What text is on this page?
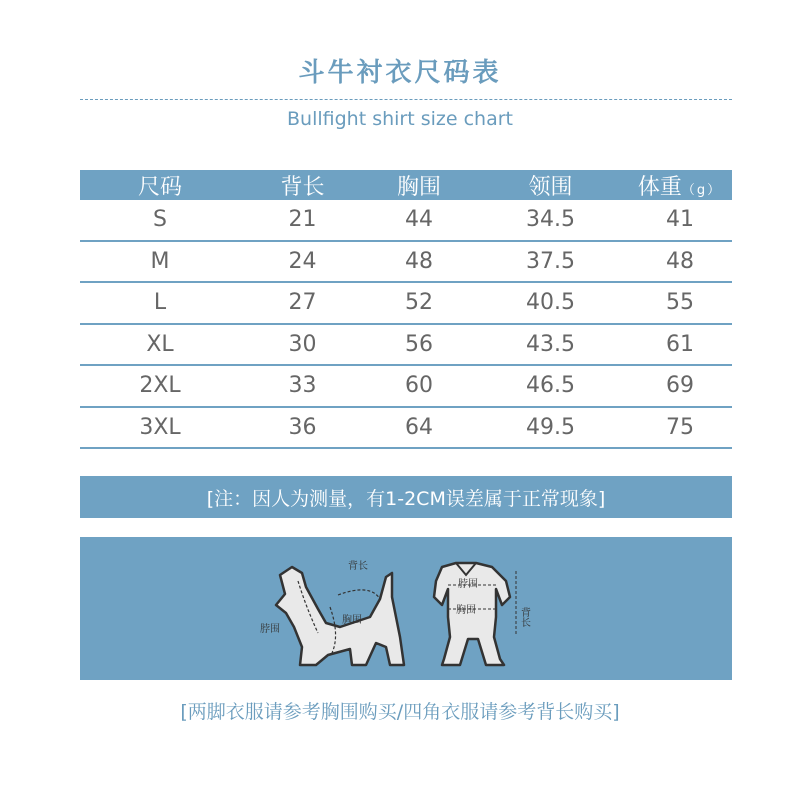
斗牛衬衣尺码表
Bullfight shirt size chart
尺码	背长	胸围	领围	体重（g）
S	21	44	34.5	41
M	24	48	37.5	48
L	27	52	40.5	55
XL	30	56	43.5	61
2XL	33	60	46.5	69
3XL	36	64	49.5	75
[注：因人为测量，有1-2CM误差属于正常现象]
背长
脖围
胸围
脖围
胸围	背长
[两脚衣服请参考胸围购买/四角衣服请参考背长购买]
